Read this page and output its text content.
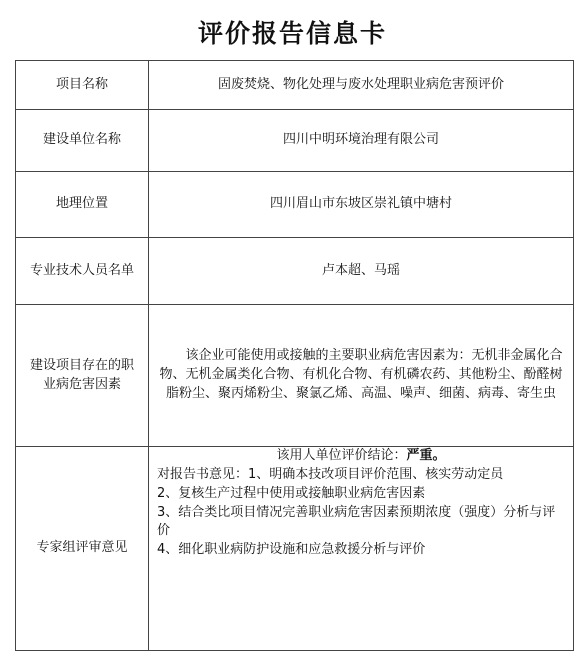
评价报告信息卡
项目名称	固废焚烧、物化处理与废水处理职业病危害预评价
建设单位名称	四川中明环境治理有限公司
地理位置	四川眉山市东坡区崇礼镇中塘村
专业技术人员名单	卢本超、马瑶
建设项目存在的职业病危害因素	该企业可能使用或接触的主要职业病危害因素为：无机非金属化合物、无机金属类化合物、有机化合物、有机磷农药、其他粉尘、酚醛树脂粉尘、聚丙烯粉尘、聚氯乙烯、高温、噪声、细菌、病毒、寄生虫
专家组评审意见	该用人单位评价结论：严重。
对报告书意见：1、明确本技改项目评价范围、核实劳动定员
2、复核生产过程中使用或接触职业病危害因素
3、结合类比项目情况完善职业病危害因素预期浓度（强度）分析与评价
4、细化职业病防护设施和应急救援分析与评价
